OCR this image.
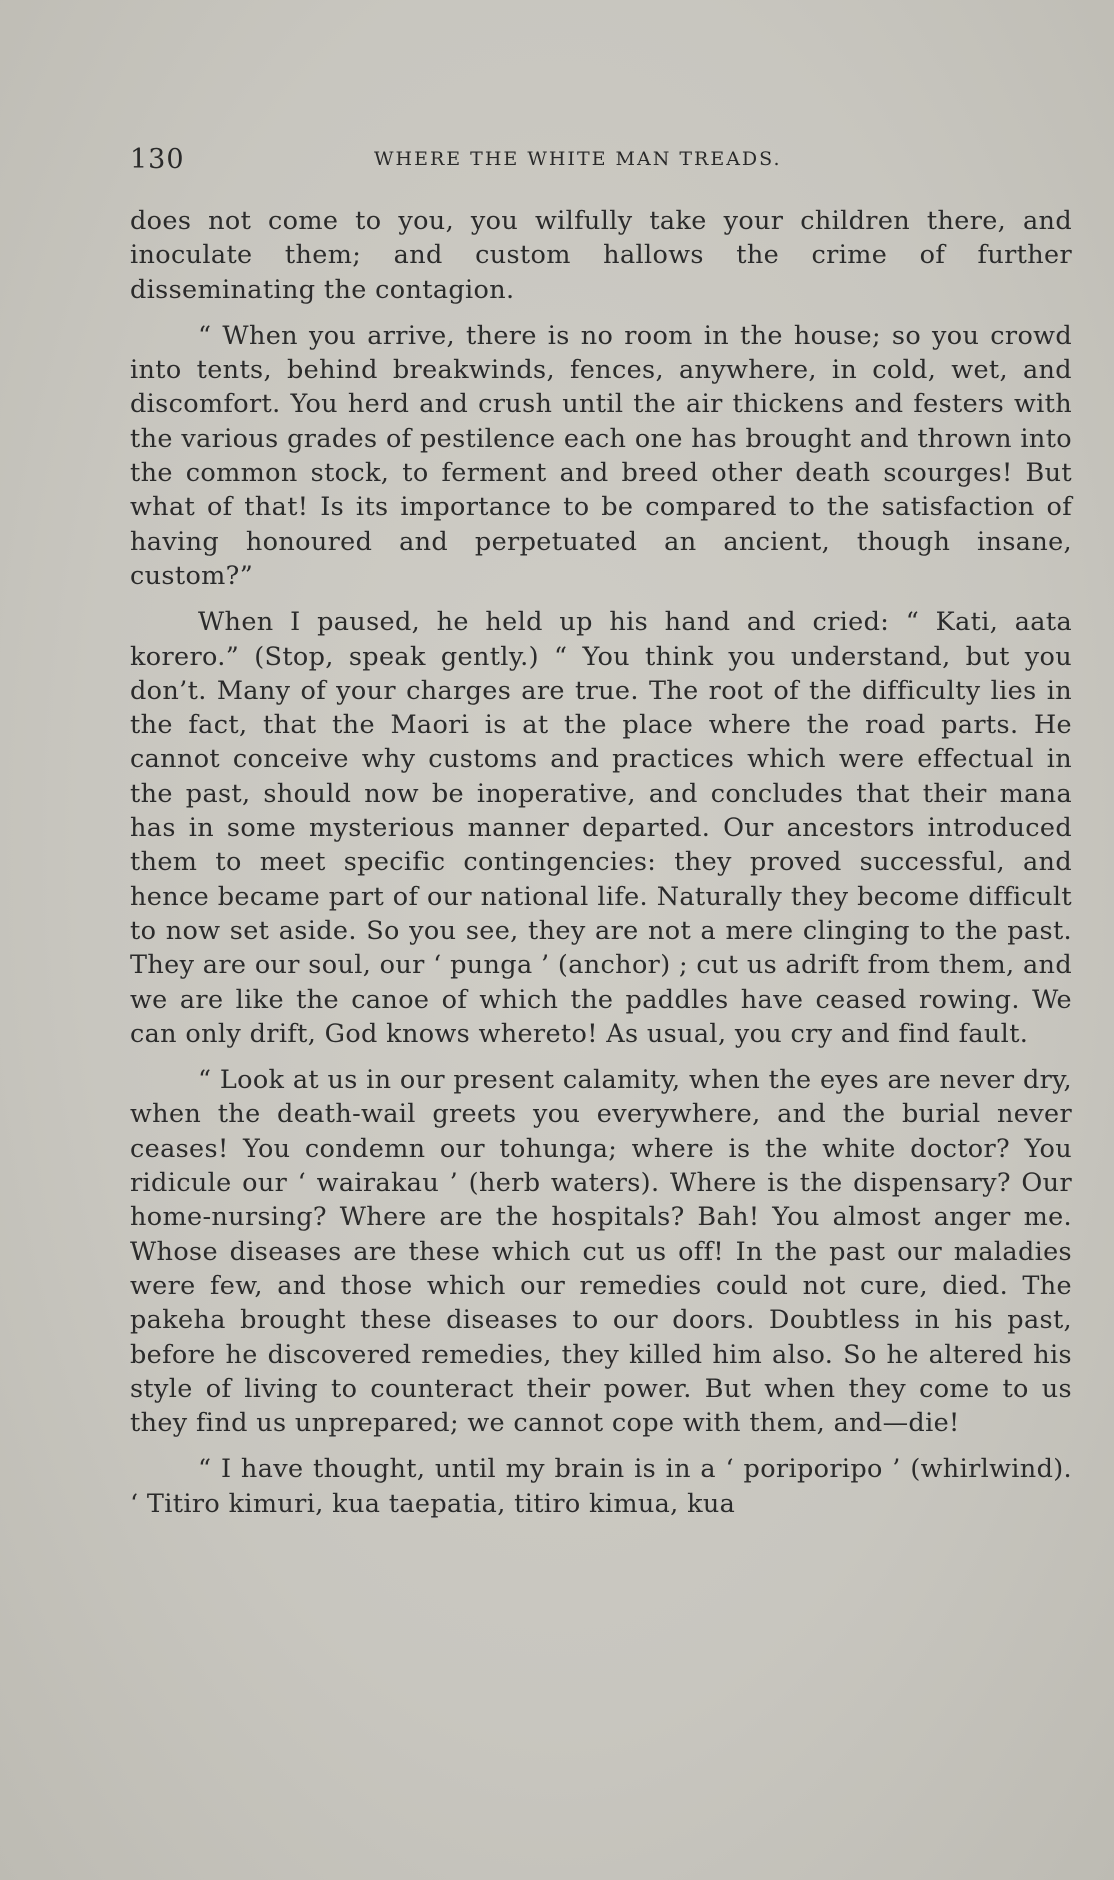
130	WHERE THE WHITE MAN TREADS.

does not come to you, you wilfully take your children there, and inoculate them; and custom hallows the crime of further disseminating the contagion.

“ When you arrive, there is no room in the house; so you crowd into tents, behind breakwinds, fences, anywhere, in cold, wet, and discomfort. You herd and crush until the air thickens and festers with the various grades of pestilence each one has brought and thrown into the common stock, to ferment and breed other death scourges! But what of that! Is its importance to be compared to the satisfaction of having honoured and perpetuated an ancient, though insane, custom?”

When I paused, he held up his hand and cried: “ Kati, aata korero.” (Stop, speak gently.) “ You think you understand, but you don’t. Many of your charges are true. The root of the difficulty lies in the fact, that the Maori is at the place where the road parts. He cannot conceive why customs and practices which were effectual in the past, should now be inoperative, and concludes that their mana has in some mysterious manner departed. Our ancestors introduced them to meet specific contingencies: they proved successful, and hence became part of our national life. Naturally they become difficult to now set aside. So you see, they are not a mere clinging to the past. They are our soul, our ‘ punga ’ (anchor) ; cut us adrift from them, and we are like the canoe of which the paddles have ceased rowing. We can only drift, God knows whereto! As usual, you cry and find fault.

“ Look at us in our present calamity, when the eyes are never dry, when the death-wail greets you everywhere, and the burial never ceases! You condemn our tohunga; where is the white doctor? You ridicule our ‘ wairakau ’ (herb waters). Where is the dispensary? Our home-nursing? Where are the hospitals? Bah! You almost anger me. Whose diseases are these which cut us off! In the past our maladies were few, and those which our remedies could not cure, died. The pakeha brought these diseases to our doors. Doubtless in his past, before he discovered remedies, they killed him also. So he altered his style of living to counteract their power. But when they come to us they find us unprepared; we cannot cope with them, and—die!

“ I have thought, until my brain is in a ‘ poriporipo ’ (whirlwind). ‘ Titiro kimuri, kua taepatia, titiro kimua, kua
